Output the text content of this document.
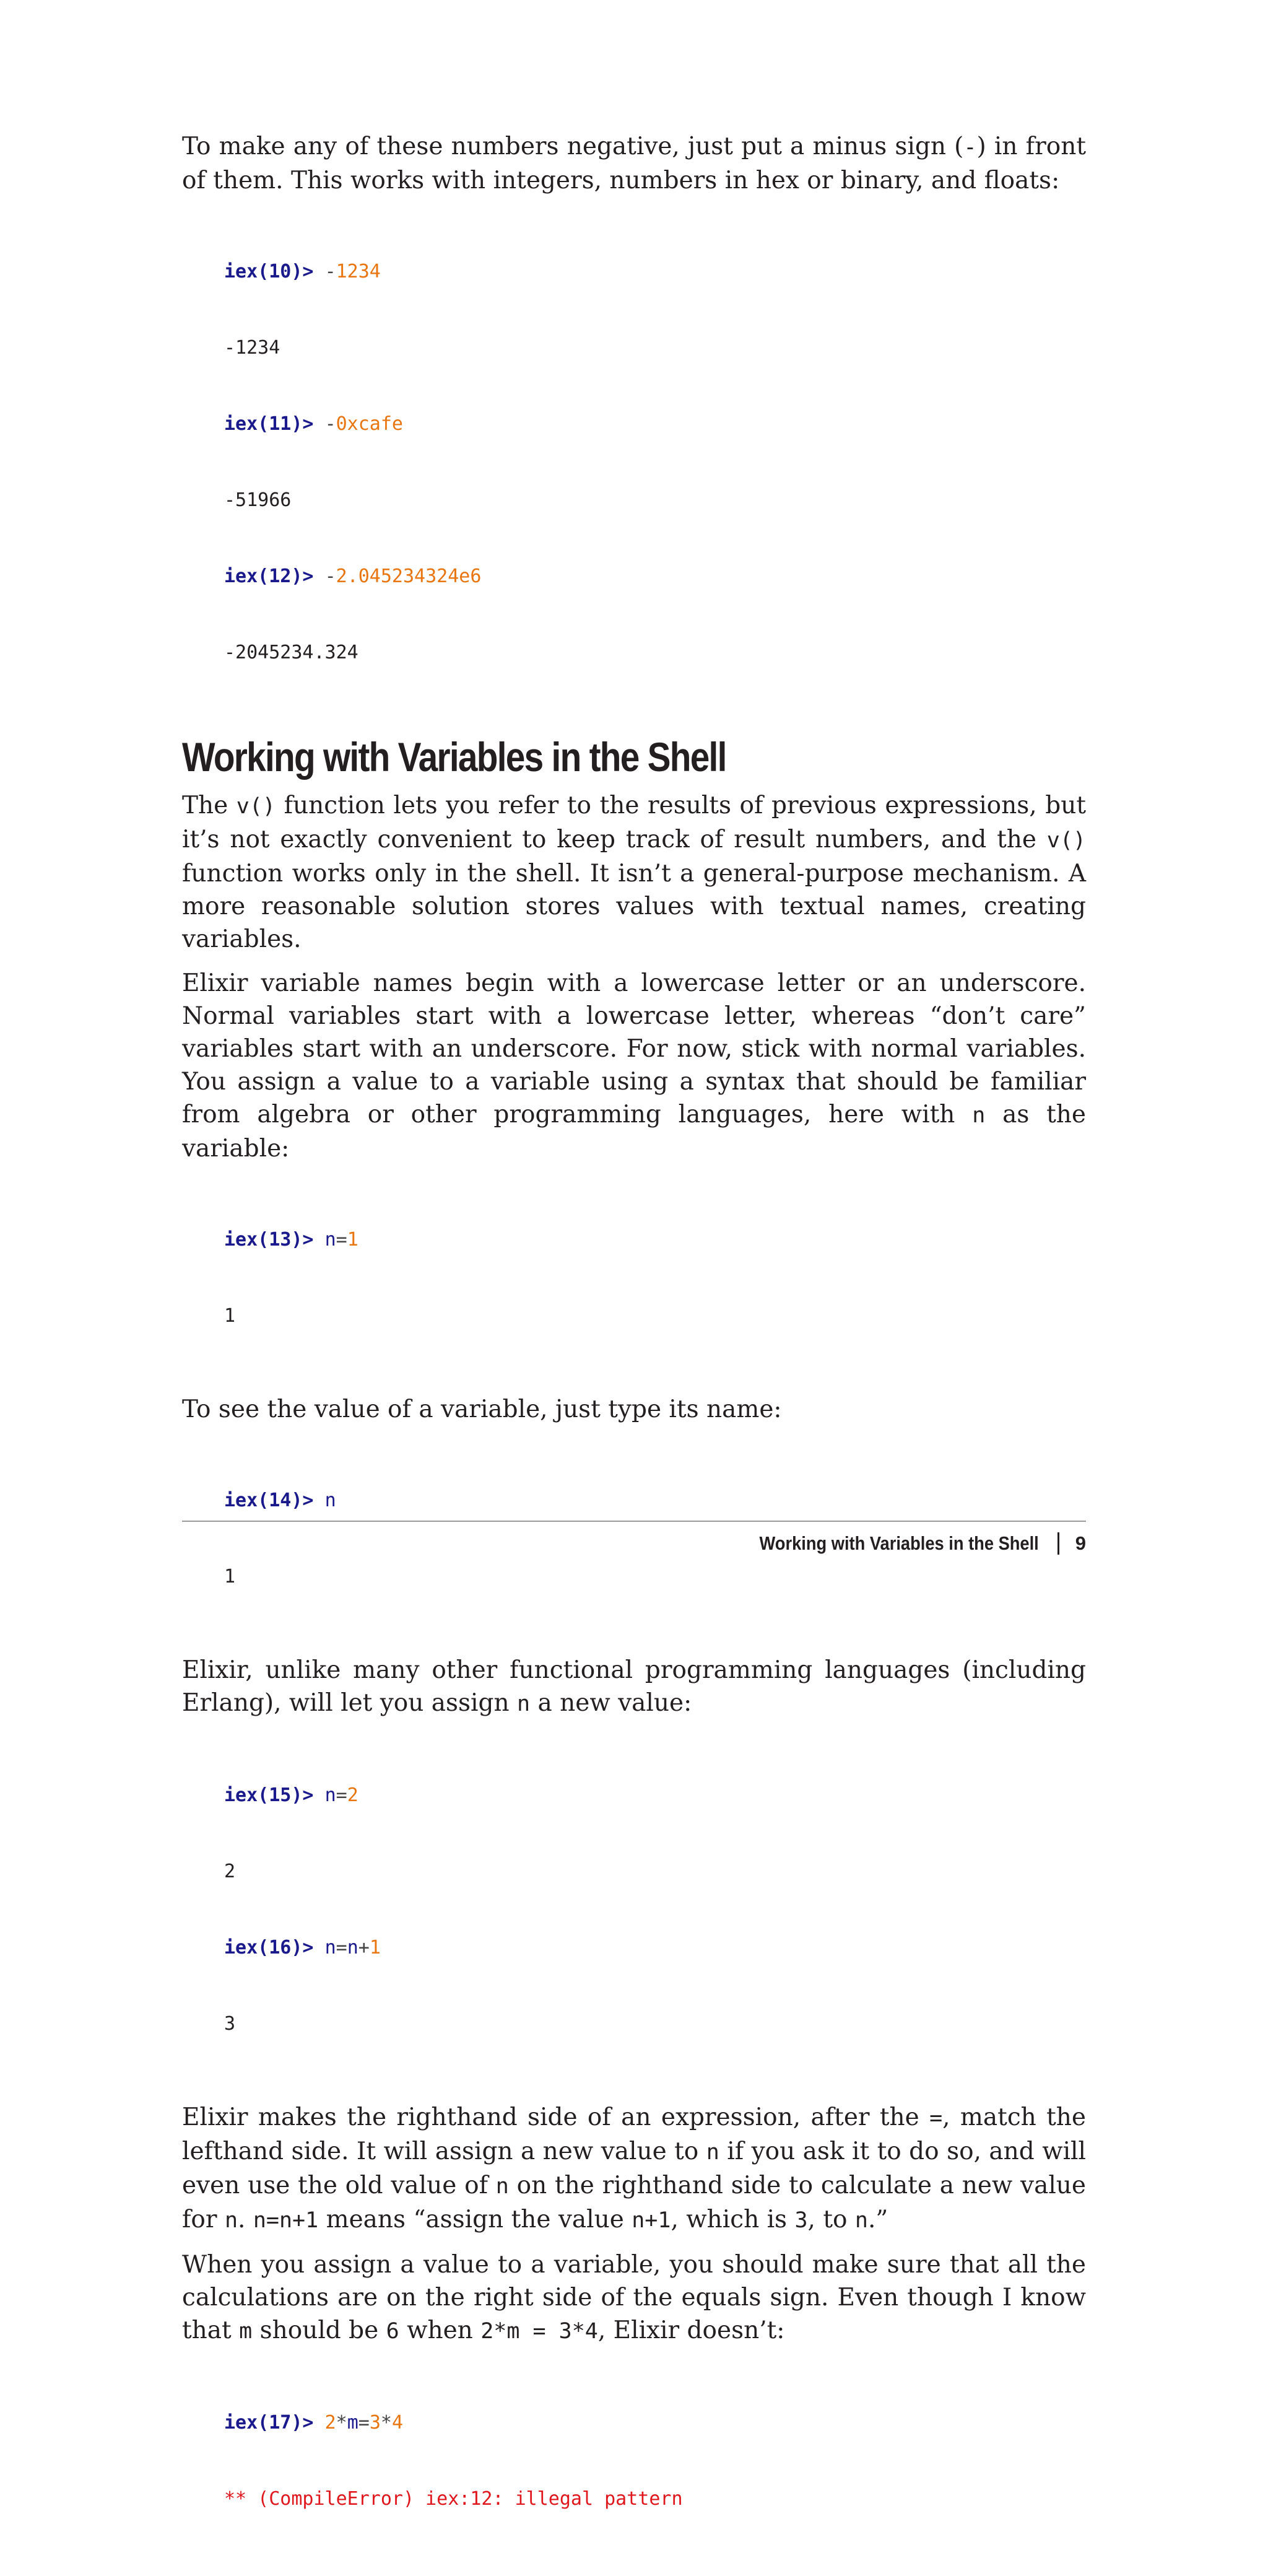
To make any of these numbers negative, just put a minus sign (-) in front of them. This works with integers, numbers in hex or binary, and floats:

iex(10)> -1234

-1234

iex(11)> -0xcafe

-51966

iex(12)> -2.045234324e6

-2045234.324

Working with Variables in the Shell

The v() function lets you refer to the results of previous expressions, but it’s not exactly convenient to keep track of result numbers, and the v() function works only in the shell. It isn’t a general-purpose mechanism. A more reasonable solution stores values with textual names, creating variables.

Elixir variable names begin with a lowercase letter or an underscore. Normal variables start with a lowercase letter, whereas “don’t care” variables start with an underscore. For now, stick with normal variables. You assign a value to a variable using a syntax that should be familiar from algebra or other programming languages, here with n as the variable:

iex(13)> n=1

1

To see the value of a variable, just type its name:

iex(14)> n

1

Elixir, unlike many other functional programming languages (including Erlang), will let you assign n a new value:

iex(15)> n=2

2

iex(16)> n=n+1

3

Elixir makes the righthand side of an expression, after the =, match the lefthand side. It will assign a new value to n if you ask it to do so, and will even use the old value of n on the righthand side to calculate a new value for n. n=n+1 means “assign the value n+1, which is 3, to n.”

When you assign a value to a variable, you should make sure that all the calculations are on the right side of the equals sign. Even though I know that m should be 6 when 2*m = 3*4, Elixir doesn’t:

iex(17)> 2*m=3*4

** (CompileError) iex:12: illegal pattern

Working with Variables in the Shell 9
